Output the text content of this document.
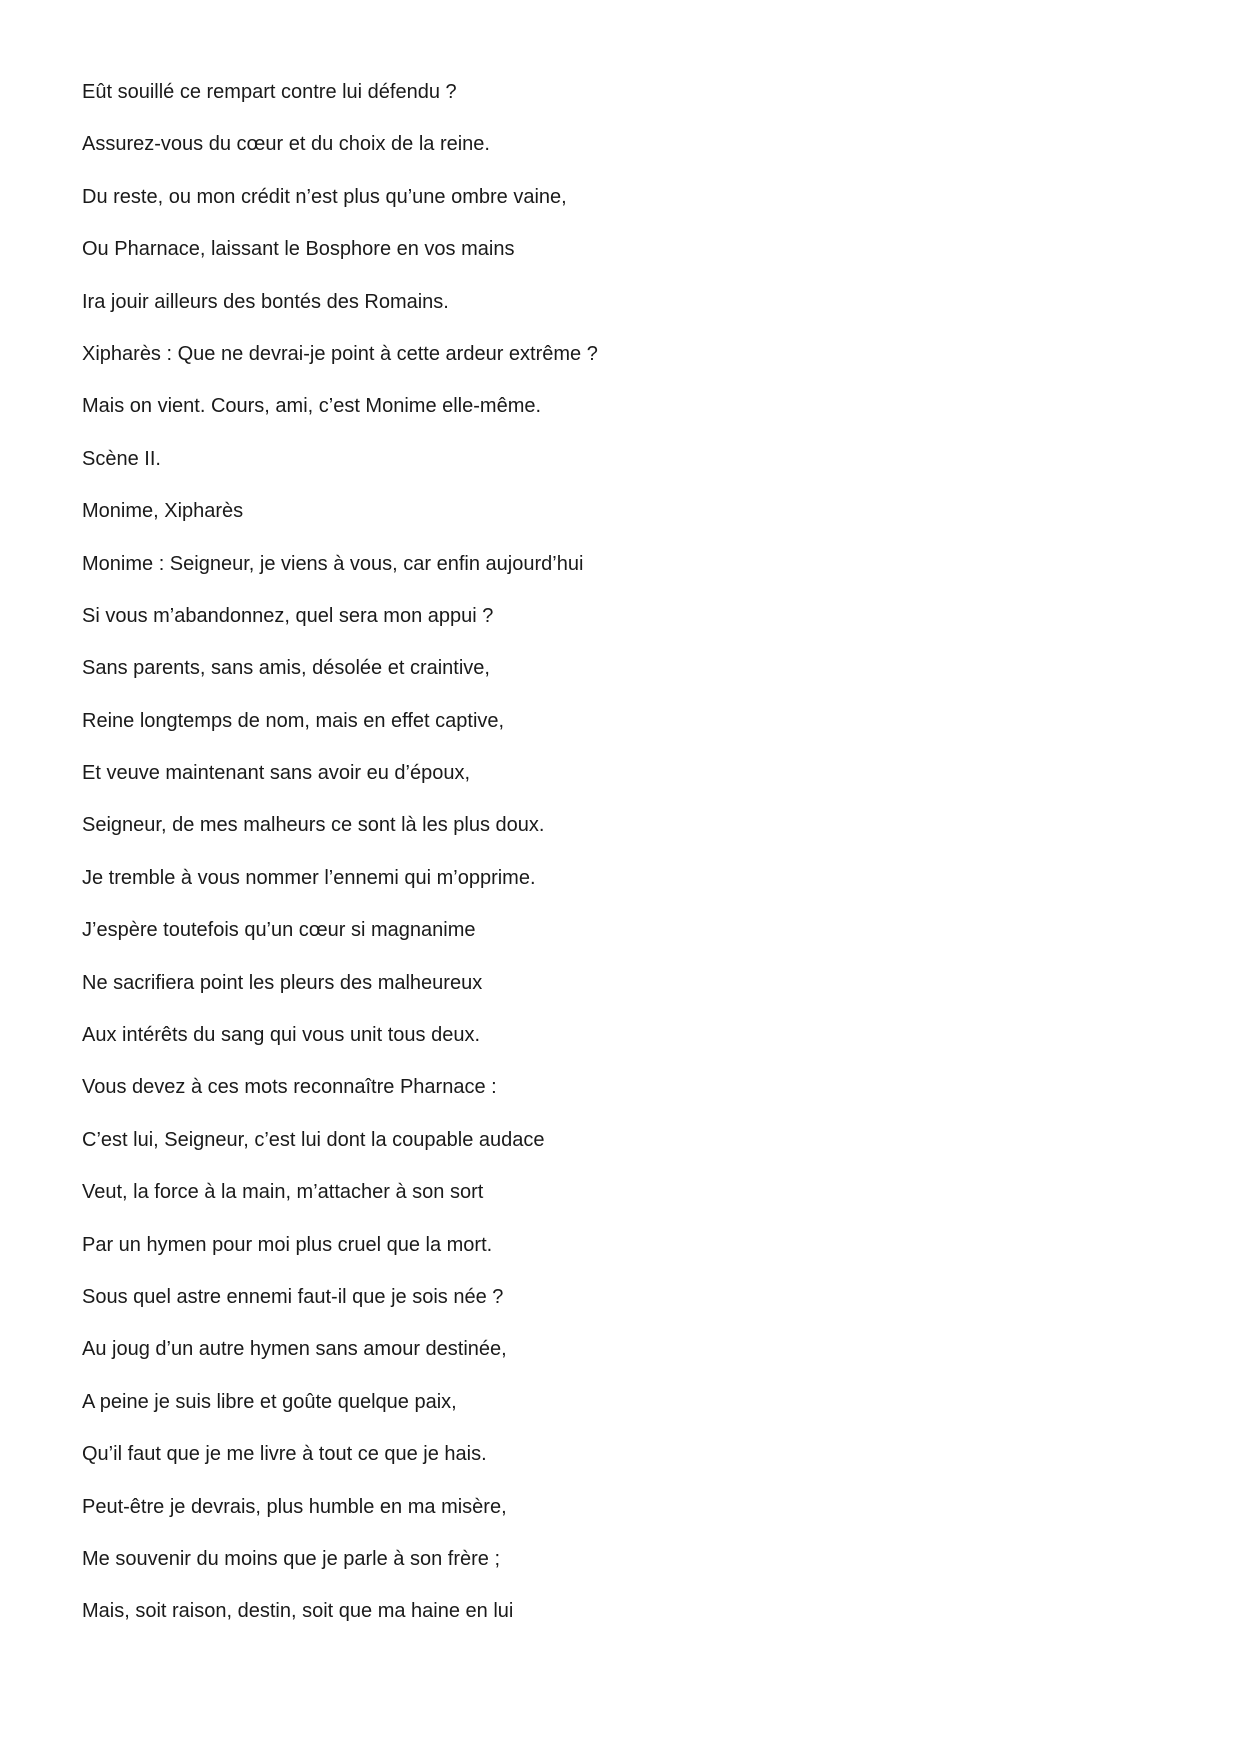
Eût souillé ce rempart contre lui défendu ?
Assurez-vous du cœur et du choix de la reine.
Du reste, ou mon crédit n’est plus qu’une ombre vaine,
Ou Pharnace, laissant le Bosphore en vos mains
Ira jouir ailleurs des bontés des Romains.
Xipharès : Que ne devrai-je point à cette ardeur extrême ?
Mais on vient. Cours, ami, c’est Monime elle-même.
Scène II.
Monime, Xipharès
Monime : Seigneur, je viens à vous, car enfin aujourd’hui
Si vous m’abandonnez, quel sera mon appui ?
Sans parents, sans amis, désolée et craintive,
Reine longtemps de nom, mais en effet captive,
Et veuve maintenant sans avoir eu d’époux,
Seigneur, de mes malheurs ce sont là les plus doux.
Je tremble à vous nommer l’ennemi qui m’opprime.
J’espère toutefois qu’un cœur si magnanime
Ne sacrifiera point les pleurs des malheureux
Aux intérêts du sang qui vous unit tous deux.
Vous devez à ces mots reconnaître Pharnace :
C’est lui, Seigneur, c’est lui dont la coupable audace
Veut, la force à la main, m’attacher à son sort
Par un hymen pour moi plus cruel que la mort.
Sous quel astre ennemi faut-il que je sois née ?
Au joug d’un autre hymen sans amour destinée,
A peine je suis libre et goûte quelque paix,
Qu’il faut que je me livre à tout ce que je hais.
Peut-être je devrais, plus humble en ma misère,
Me souvenir du moins que je parle à son frère ;
Mais, soit raison, destin, soit que ma haine en lui
